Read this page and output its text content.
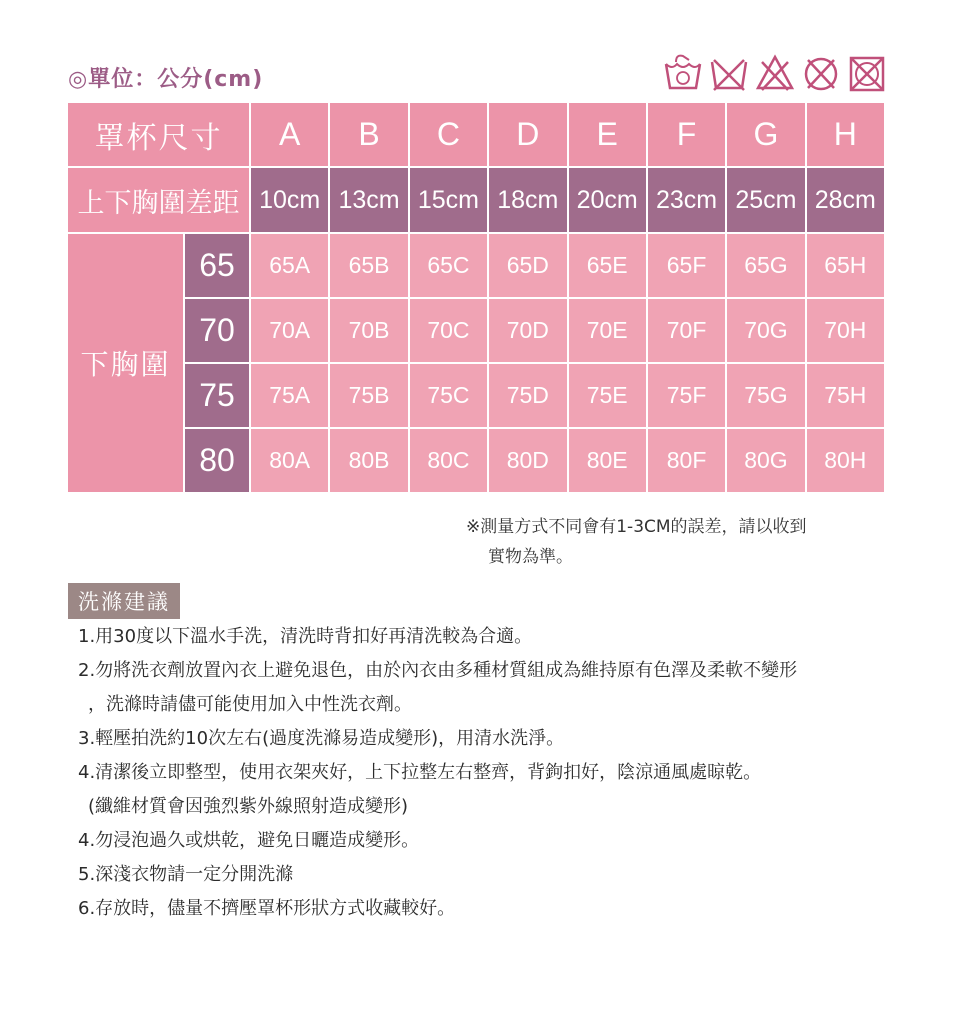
◎單位：公分(cm)
罩杯尺寸		A	B	C	D	E	F	G	H
上下胸圍差距		10cm	13cm	15cm	18cm	20cm	23cm	25cm	28cm
下胸圍	65	65A	65B	65C	65D	65E	65F	65G	65H
	70	70A	70B	70C	70D	70E	70F	70G	70H
	75	75A	75B	75C	75D	75E	75F	75G	75H
	80	80A	80B	80C	80D	80E	80F	80G	80H
※測量方式不同會有1-3CM的誤差，請以收到
實物為準。
洗滌建議
1.用30度以下溫水手洗，清洗時背扣好再清洗較為合適。
2.勿將洗衣劑放置內衣上避免退色，由於內衣由多種材質組成為維持原有色澤及柔軟不變形
，洗滌時請儘可能使用加入中性洗衣劑。
3.輕壓拍洗約10次左右(過度洗滌易造成變形)，用清水洗淨。
4.清潔後立即整型，使用衣架夾好，上下拉整左右整齊，背鉤扣好，陰涼通風處晾乾。
(纖維材質會因強烈紫外線照射造成變形)
4.勿浸泡過久或烘乾，避免日曬造成變形。
5.深淺衣物請一定分開洗滌
6.存放時，儘量不擠壓罩杯形狀方式收藏較好。
